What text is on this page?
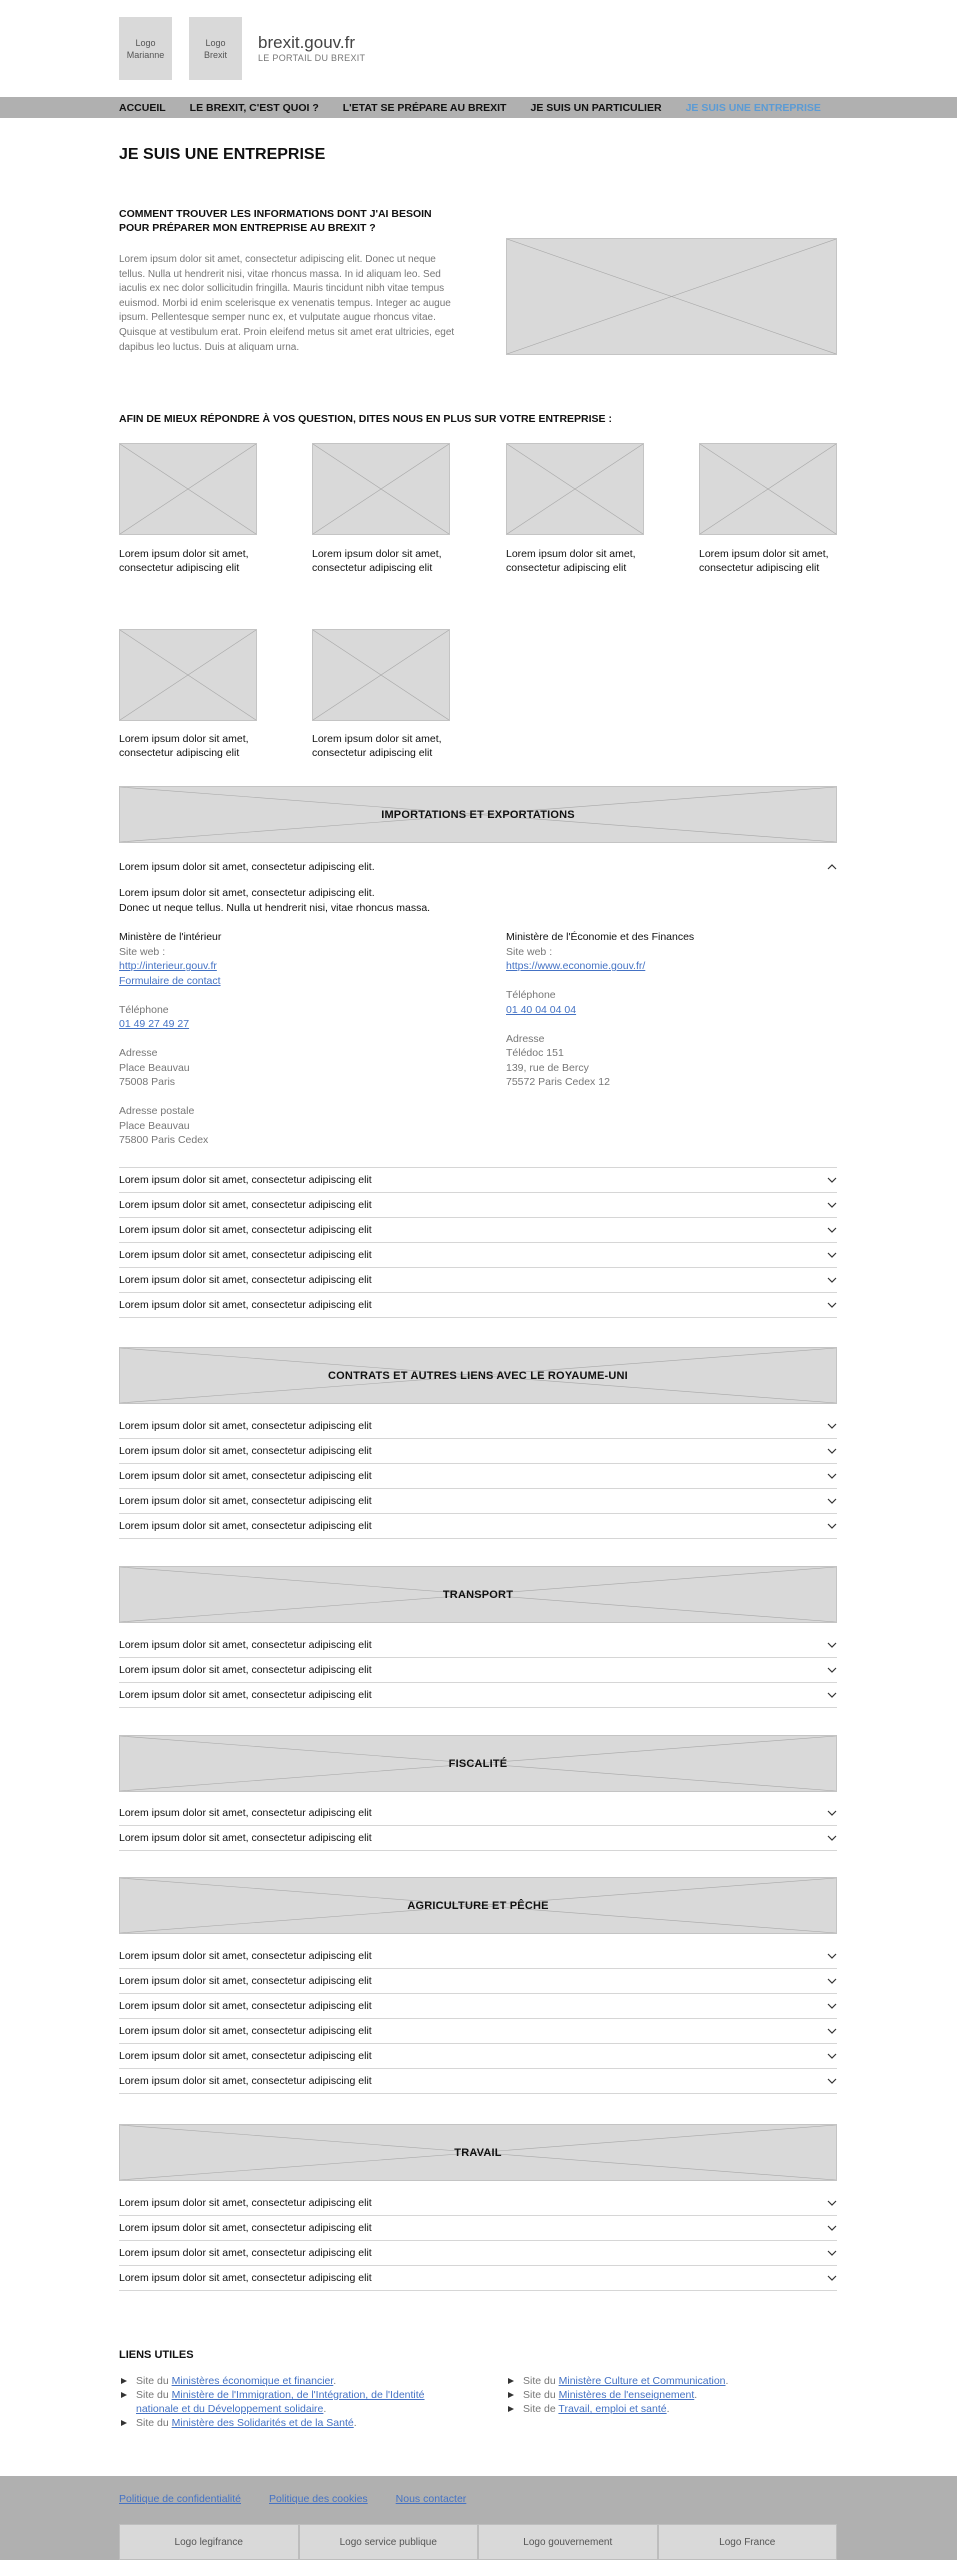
Logo
Marianne
Logo
Brexit
brexit.gouv.fr
LE PORTAIL DU BREXIT
ACCUEIL LE BREXIT, C'EST QUOI ? L'ETAT SE PRÉPARE AU BREXIT JE SUIS UN PARTICULIER JE SUIS UNE ENTREPRISE
JE SUIS UNE ENTREPRISE
COMMENT TROUVER LES INFORMATIONS DONT J'AI BESOIN POUR PRÉPARER MON ENTREPRISE AU BREXIT ?
Lorem ipsum dolor sit amet, consectetur adipiscing elit. Donec ut neque tellus. Nulla ut hendrerit nisi, vitae rhoncus massa. In id aliquam leo. Sed iaculis ex nec dolor sollicitudin fringilla. Mauris tincidunt nibh vitae tempus euismod. Morbi id enim scelerisque ex venenatis tempus. Integer ac augue ipsum. Pellentesque semper nunc ex, et vulputate augue rhoncus vitae. Quisque at vestibulum erat. Proin eleifend metus sit amet erat ultricies, eget dapibus leo luctus. Duis at aliquam urna.
AFIN DE MIEUX RÉPONDRE À VOS QUESTION, DITES NOUS EN PLUS SUR VOTRE ENTREPRISE :
Lorem ipsum dolor sit amet, consectetur adipiscing elit
Lorem ipsum dolor sit amet, consectetur adipiscing elit
Lorem ipsum dolor sit amet, consectetur adipiscing elit
Lorem ipsum dolor sit amet, consectetur adipiscing elit
Lorem ipsum dolor sit amet, consectetur adipiscing elit
Lorem ipsum dolor sit amet, consectetur adipiscing elit
IMPORTATIONS ET EXPORTATIONS
Lorem ipsum dolor sit amet, consectetur adipiscing elit.
Lorem ipsum dolor sit amet, consectetur adipiscing elit.
Donec ut neque tellus. Nulla ut hendrerit nisi, vitae rhoncus massa.
Ministère de l'intérieur
Site web :
http://interieur.gouv.fr
Formulaire de contact
Téléphone
01 49 27 49 27
Adresse
Place Beauvau
75008 Paris
Adresse postale
Place Beauvau
75800 Paris Cedex
Ministère de l'Économie et des Finances
Site web :
https://www.economie.gouv.fr/
Téléphone
01 40 04 04 04
Adresse
Télédoc 151
139, rue de Bercy
75572 Paris Cedex 12
Lorem ipsum dolor sit amet, consectetur adipiscing elit
Lorem ipsum dolor sit amet, consectetur adipiscing elit
Lorem ipsum dolor sit amet, consectetur adipiscing elit
Lorem ipsum dolor sit amet, consectetur adipiscing elit
Lorem ipsum dolor sit amet, consectetur adipiscing elit
Lorem ipsum dolor sit amet, consectetur adipiscing elit
CONTRATS ET AUTRES LIENS AVEC LE ROYAUME-UNI
Lorem ipsum dolor sit amet, consectetur adipiscing elit
Lorem ipsum dolor sit amet, consectetur adipiscing elit
Lorem ipsum dolor sit amet, consectetur adipiscing elit
Lorem ipsum dolor sit amet, consectetur adipiscing elit
Lorem ipsum dolor sit amet, consectetur adipiscing elit
TRANSPORT
Lorem ipsum dolor sit amet, consectetur adipiscing elit
Lorem ipsum dolor sit amet, consectetur adipiscing elit
Lorem ipsum dolor sit amet, consectetur adipiscing elit
FISCALITÉ
Lorem ipsum dolor sit amet, consectetur adipiscing elit
Lorem ipsum dolor sit amet, consectetur adipiscing elit
AGRICULTURE ET PÊCHE
Lorem ipsum dolor sit amet, consectetur adipiscing elit
Lorem ipsum dolor sit amet, consectetur adipiscing elit
Lorem ipsum dolor sit amet, consectetur adipiscing elit
Lorem ipsum dolor sit amet, consectetur adipiscing elit
Lorem ipsum dolor sit amet, consectetur adipiscing elit
Lorem ipsum dolor sit amet, consectetur adipiscing elit
TRAVAIL
Lorem ipsum dolor sit amet, consectetur adipiscing elit
Lorem ipsum dolor sit amet, consectetur adipiscing elit
Lorem ipsum dolor sit amet, consectetur adipiscing elit
Lorem ipsum dolor sit amet, consectetur adipiscing elit
LIENS UTILES
Site du Ministères économique et financier.
Site du Ministère de l'Immigration, de l'Intégration, de l'Identité nationale et du Développement solidaire.
Site du Ministère des Solidarités et de la Santé.
Site du Ministère Culture et Communication.
Site du Ministères de l'enseignement.
Site de Travail, emploi et santé.
Politique de confidentialité	Politique des cookies	Nous contacter
Logo legifrance	Logo service publique	Logo gouvernement	Logo France
